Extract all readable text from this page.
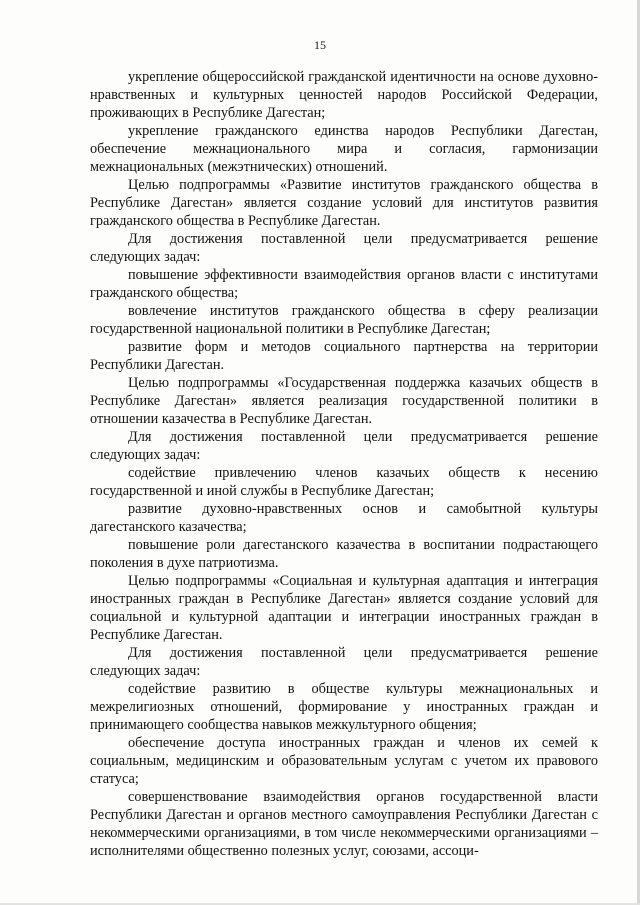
15

укрепление общероссийской гражданской идентичности на основе духовно-нравственных и культурных ценностей народов Российской Федерации, проживающих в Республике Дагестан;

укрепление гражданского единства народов Республики Дагестан, обеспечение межнационального мира и согласия, гармонизации межнациональных (межэтнических) отношений.

Целью подпрограммы «Развитие институтов гражданского общества в Республике Дагестан» является создание условий для институтов развития гражданского общества в Республике Дагестан.

Для достижения поставленной цели предусматривается решение следующих задач:

повышение эффективности взаимодействия органов власти с институтами гражданского общества;

вовлечение институтов гражданского общества в сферу реализации государственной национальной политики в Республике Дагестан;

развитие форм и методов социального партнерства на территории Республики Дагестан.

Целью подпрограммы «Государственная поддержка казачьих обществ в Республике Дагестан» является реализация государственной политики в отношении казачества в Республике Дагестан.

Для достижения поставленной цели предусматривается решение следующих задач:

содействие привлечению членов казачьих обществ к несению государственной и иной службы в Республике Дагестан;

развитие духовно-нравственных основ и самобытной культуры дагестанского казачества;

повышение роли дагестанского казачества в воспитании подрастающего поколения в духе патриотизма.

Целью подпрограммы «Социальная и культурная адаптация и интеграция иностранных граждан в Республике Дагестан» является создание условий для социальной и культурной адаптации и интеграции иностранных граждан в Республике Дагестан.

Для достижения поставленной цели предусматривается решение следующих задач:

содействие развитию в обществе культуры межнациональных и межрелигиозных отношений, формирование у иностранных граждан и принимающего сообщества навыков межкультурного общения;

обеспечение доступа иностранных граждан и членов их семей к социальным, медицинским и образовательным услугам с учетом их правового статуса;

совершенствование взаимодействия органов государственной власти Республики Дагестан и органов местного самоуправления Республики Дагестан с некоммерческими организациями, в том числе некоммерческими организациями – исполнителями общественно полезных услуг, союзами, ассоци-
